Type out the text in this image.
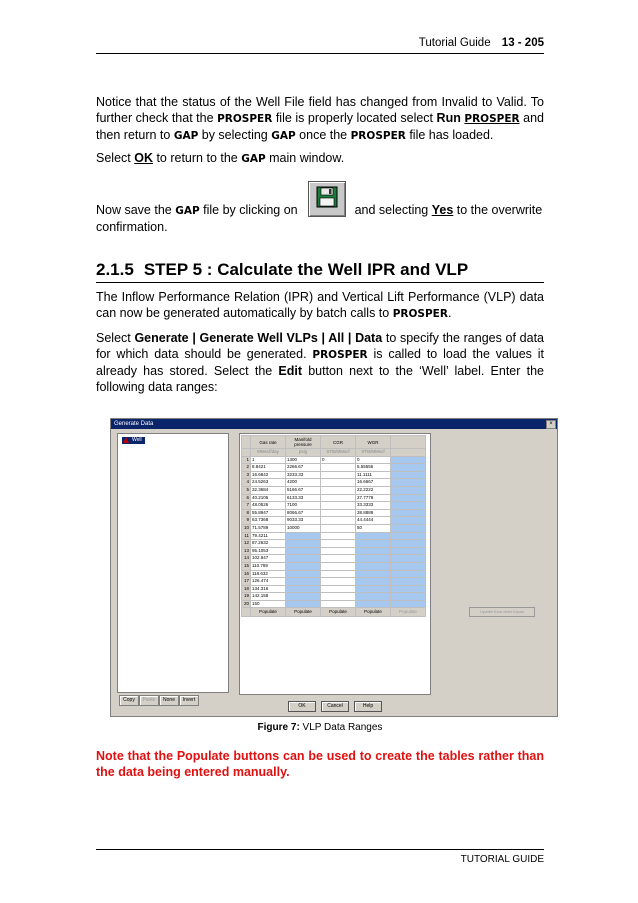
Tutorial Guide 13 - 205
Notice that the status of the Well File field has changed from Invalid to Valid. To further check that the PROSPER file is properly located select Run PROSPER and then return to GAP by selecting GAP once the PROSPER file has loaded.
Select OK to return to the GAP main window.
Now save the GAP file by clicking on	and selecting Yes to the overwrite confirmation.
2.1.5 STEP 5 : Calculate the Well IPR and VLP
The Inflow Performance Relation (IPR) and Vertical Lift Performance (VLP) data can now be generated automatically by batch calls to PROSPER.
Select Generate | Generate Well VLPs | All | Data to specify the ranges of data for which data should be generated. PROSPER is called to load the values it already has stored. Select the Edit button next to the ‘Well’ label. Enter the following data ranges:
Generate Data	×
Well
Copy	Paste	None	Invert
	Gas rate	Manifold pressure	CGR	WGR	
	MMscf/day	psig	STB/MMscf	STB/MMscf	
1	1	1300	0	0	
2	8.8421	2266.67		5.55556	
3	16.6842	3233.33		11.1111	
4	24.5263	4200		16.6667	
5	32.3684	5166.67		22.2222	
6	40.2105	6133.33		27.7778	
7	48.0526	7100		33.3333	
8	55.8947	8066.67		38.8889	
9	63.7368	9033.33		44.4444	
10	71.5789	10000		50	
11	79.4211				
12	87.2632				
13	95.1053				
14	102.947				
15	110.789				
16	118.632				
17	126.474				
18	134.316				
19	142.158				
20	150				
	Populate	Populate	Populate	Populate	Populate	Update from other inputs
OK	Cancel	Help
Figure 7: VLP Data Ranges
Note that the Populate buttons can be used to create the tables rather than the data being entered manually.
TUTORIAL GUIDE
